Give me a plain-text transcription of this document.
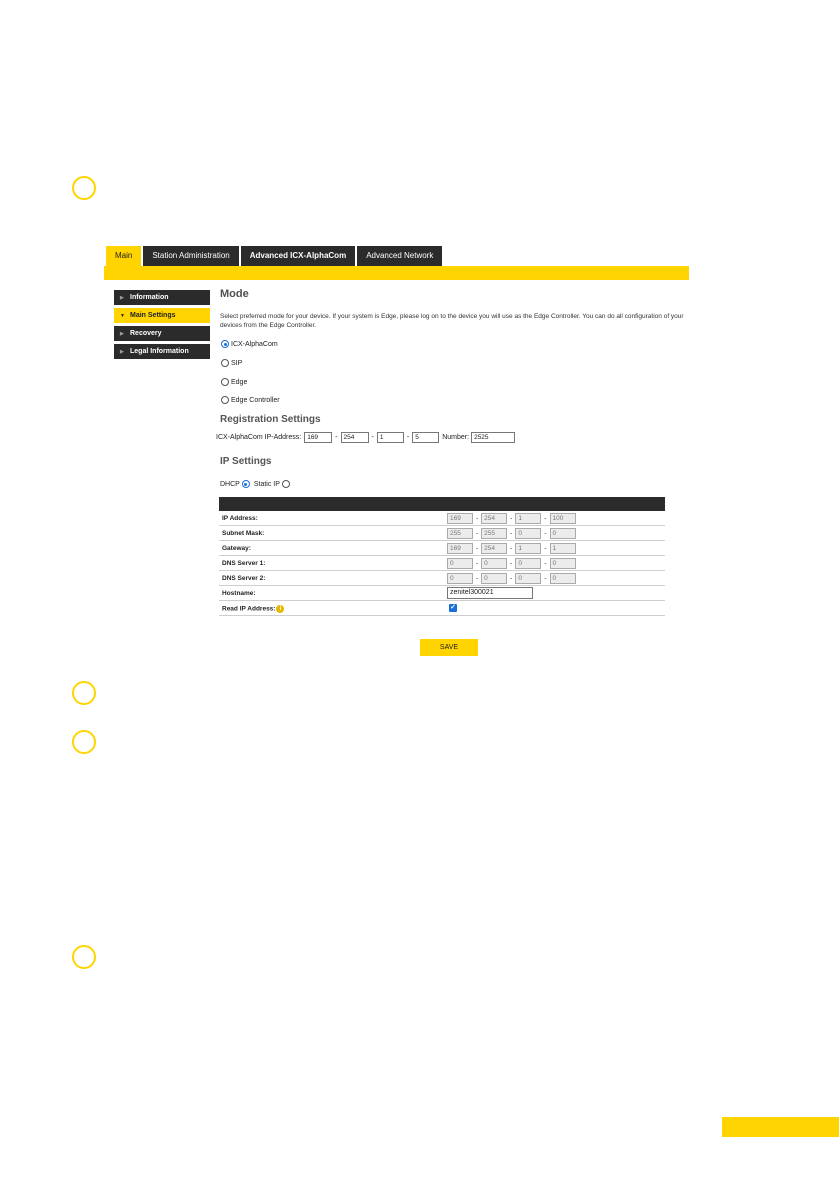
Main	Station Administration	Advanced ICX-AlphaCom	Advanced Network
▶ Information
▼ Main Settings
▶ Recovery
▶ Legal Information
Mode
Select preferred mode for your device. If your system is Edge, please log on to the device you will use as the Edge Controller. You can do all configuration of your devices from the Edge Controller.
ICX-AlphaCom
SIP
Edge
Edge Controller
Registration Settings
ICX-AlphaCom IP-Address: 169	- 254	- 1	- 5	Number: 2525
IP Settings
DHCP Static IP
IP Address:	169	- 254	- 1	- 100
Subnet Mask:	255	- 255	- 0	- 0
Gateway:	169	- 254	- 1	- 1
DNS Server 1:	0	- 0	- 0	- 0
DNS Server 2:	0	- 0	- 0	- 0
Hostname:	zenitel300021
Read IP Address: i	✓
SAVE
